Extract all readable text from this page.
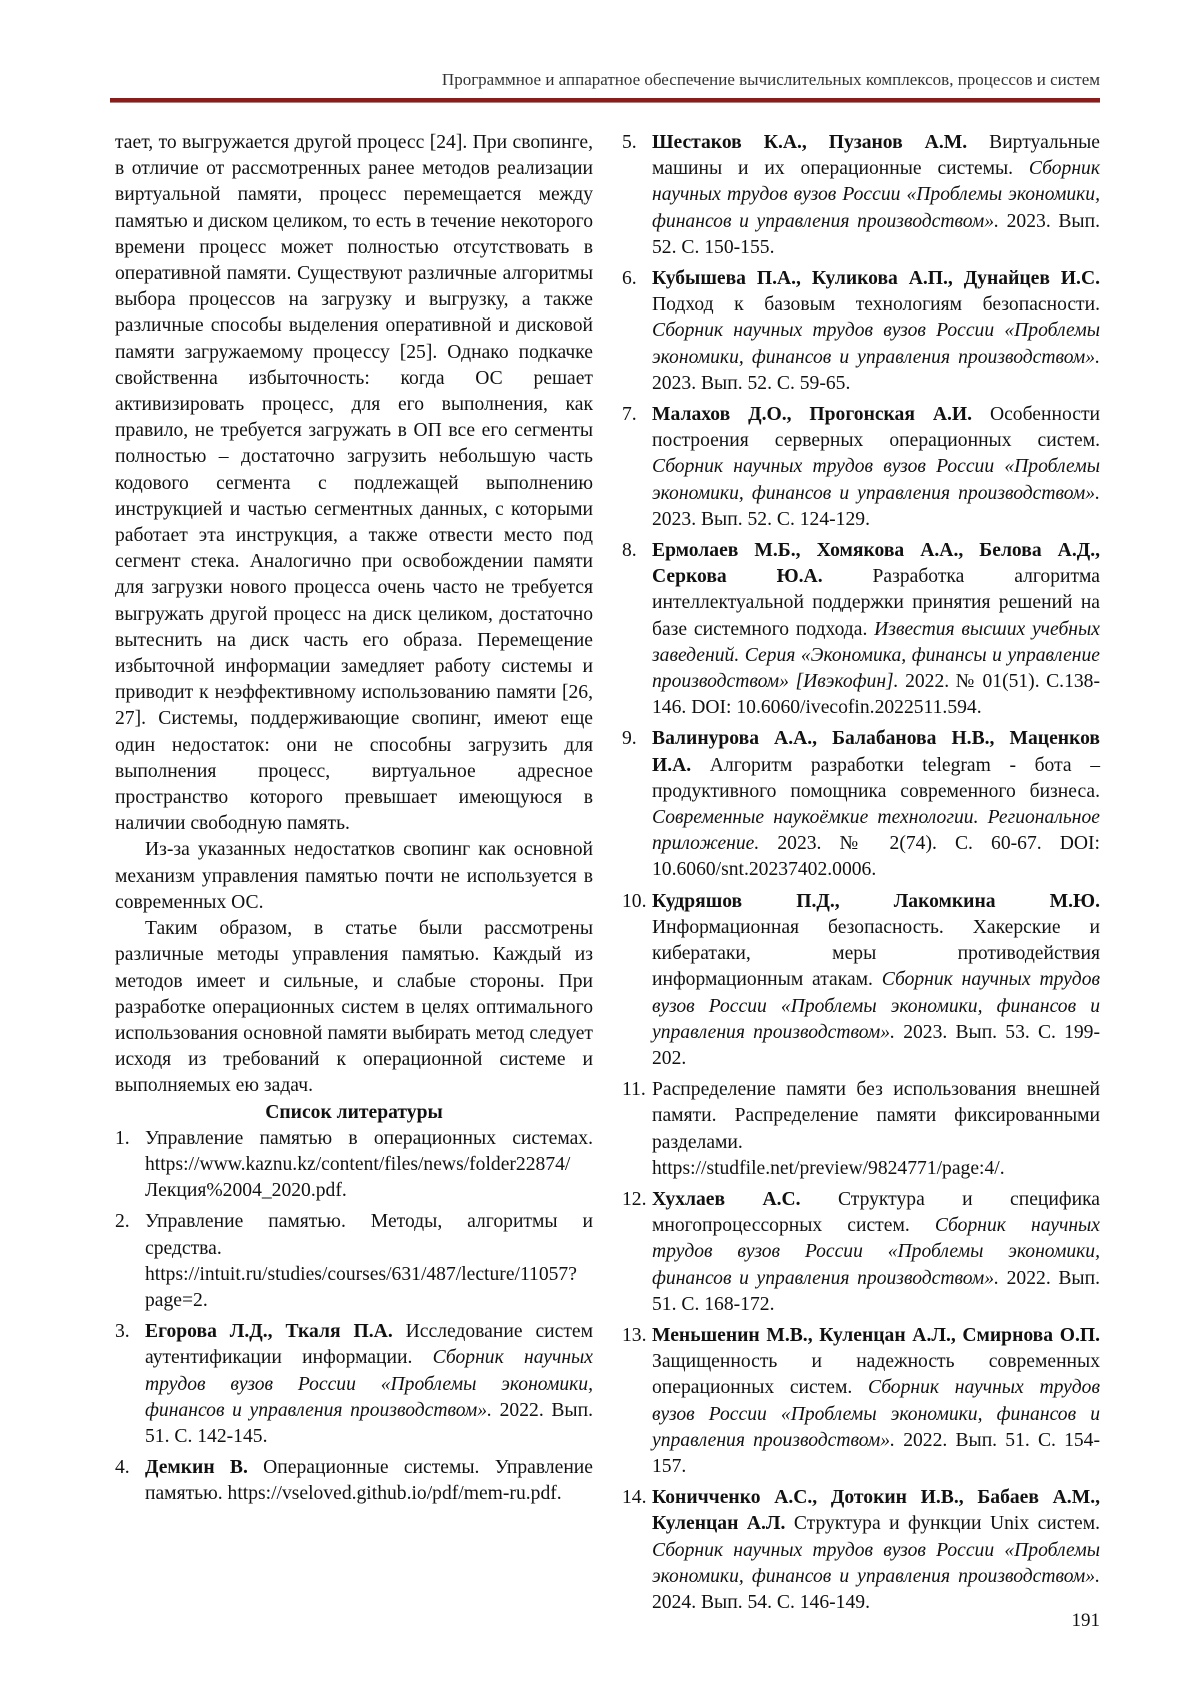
Программное и аппаратное обеспечение вычислительных комплексов, процессов и систем

тает, то выгружается другой процесс [24]. При свопинге, в отличие от рассмотренных ранее методов реализации виртуальной памяти, процесс перемещается между памятью и диском целиком, то есть в течение некоторого времени процесс может полностью отсутствовать в оперативной памяти. Существуют различные алгоритмы выбора процессов на загрузку и выгрузку, а также различные способы выделения оперативной и дисковой памяти загружаемому процессу [25]. Однако подкачке свойственна избыточность: когда ОС решает активизировать процесс, для его выполнения, как правило, не требуется загружать в ОП все его сегменты полностью – достаточно загрузить небольшую часть кодового сегмента с подлежащей выполнению инструкцией и частью сегментных данных, с которыми работает эта инструкция, а также отвести место под сегмент стека. Аналогично при освобождении памяти для загрузки нового процесса очень часто не требуется выгружать другой процесс на диск целиком, достаточно вытеснить на диск часть его образа. Перемещение избыточной информации замедляет работу системы и приводит к неэффективному использованию памяти [26, 27]. Системы, поддерживающие свопинг, имеют еще один недостаток: они не способны загрузить для выполнения процесс, виртуальное адресное пространство которого превышает имеющуюся в наличии свободную память.

Из-за указанных недостатков свопинг как основной механизм управления памятью почти не используется в современных ОС.

Таким образом, в статье были рассмотрены различные методы управления памятью. Каждый из методов имеет и сильные, и слабые стороны. При разработке операционных систем в целях оптимального использования основной памяти выбирать метод следует исходя из требований к операционной системе и выполняемых ею задач.

Список литературы

1. Управление памятью в операционных системах. https://www.kaznu.kz/content/files/news/folder22874/Лекция%2004_2020.pdf.
2. Управление памятью. Методы, алгоритмы и средства. https://intuit.ru/studies/courses/631/487/lecture/11057?page=2.
3. Егорова Л.Д., Ткаля П.А. Исследование систем аутентификации информации. Сборник научных трудов вузов России «Проблемы экономики, финансов и управления производством». 2022. Вып. 51. С. 142-145.
4. Демкин В. Операционные системы. Управление памятью. https://vseloved.github.io/pdf/mem-ru.pdf.
5. Шестаков К.А., Пузанов А.М. Виртуальные машины и их операционные системы. Сборник научных трудов вузов России «Проблемы экономики, финансов и управления производством». 2023. Вып. 52. С. 150-155.
6. Кубышева П.А., Куликова А.П., Дунайцев И.С. Подход к базовым технологиям безопасности. Сборник научных трудов вузов России «Проблемы экономики, финансов и управления производством». 2023. Вып. 52. С. 59-65.
7. Малахов Д.О., Прогонская А.И. Особенности построения серверных операционных систем. Сборник научных трудов вузов России «Проблемы экономики, финансов и управления производством». 2023. Вып. 52. С. 124-129.
8. Ермолаев М.Б., Хомякова А.А., Белова А.Д., Серкова Ю.А. Разработка алгоритма интеллектуальной поддержки принятия решений на базе системного подхода. Известия высших учебных заведений. Серия «Экономика, финансы и управление производством» [Ивэкофин]. 2022. № 01(51). С.138-146. DOI: 10.6060/ivecofin.2022511.594.
9. Валинурова А.А., Балабанова Н.В., Маценков И.А. Алгоритм разработки telegram - бота – продуктивного помощника современного бизнеса. Современные наукоёмкие технологии. Региональное приложение. 2023. № 2(74). С. 60-67. DOI: 10.6060/snt.20237402.0006.
10. Кудряшов П.Д., Лакомкина М.Ю. Информационная безопасность. Хакерские и кибератаки, меры противодействия информационным атакам. Сборник научных трудов вузов России «Проблемы экономики, финансов и управления производством». 2023. Вып. 53. С. 199-202.
11. Распределение памяти без использования внешней памяти. Распределение памяти фиксированными разделами. https://studfile.net/preview/9824771/page:4/.
12. Хухлаев А.С. Структура и специфика многопроцессорных систем. Сборник научных трудов вузов России «Проблемы экономики, финансов и управления производством». 2022. Вып. 51. С. 168-172.
13. Меньшенин М.В., Куленцан А.Л., Смирнова О.П. Защищенность и надежность современных операционных систем. Сборник научных трудов вузов России «Проблемы экономики, финансов и управления производством». 2022. Вып. 51. С. 154-157.
14. Коничченко А.С., Дотокин И.В., Бабаев А.М., Куленцан А.Л. Структура и функции Unix систем. Сборник научных трудов вузов России «Проблемы экономики, финансов и управления производством». 2024. Вып. 54. С. 146-149.
191
